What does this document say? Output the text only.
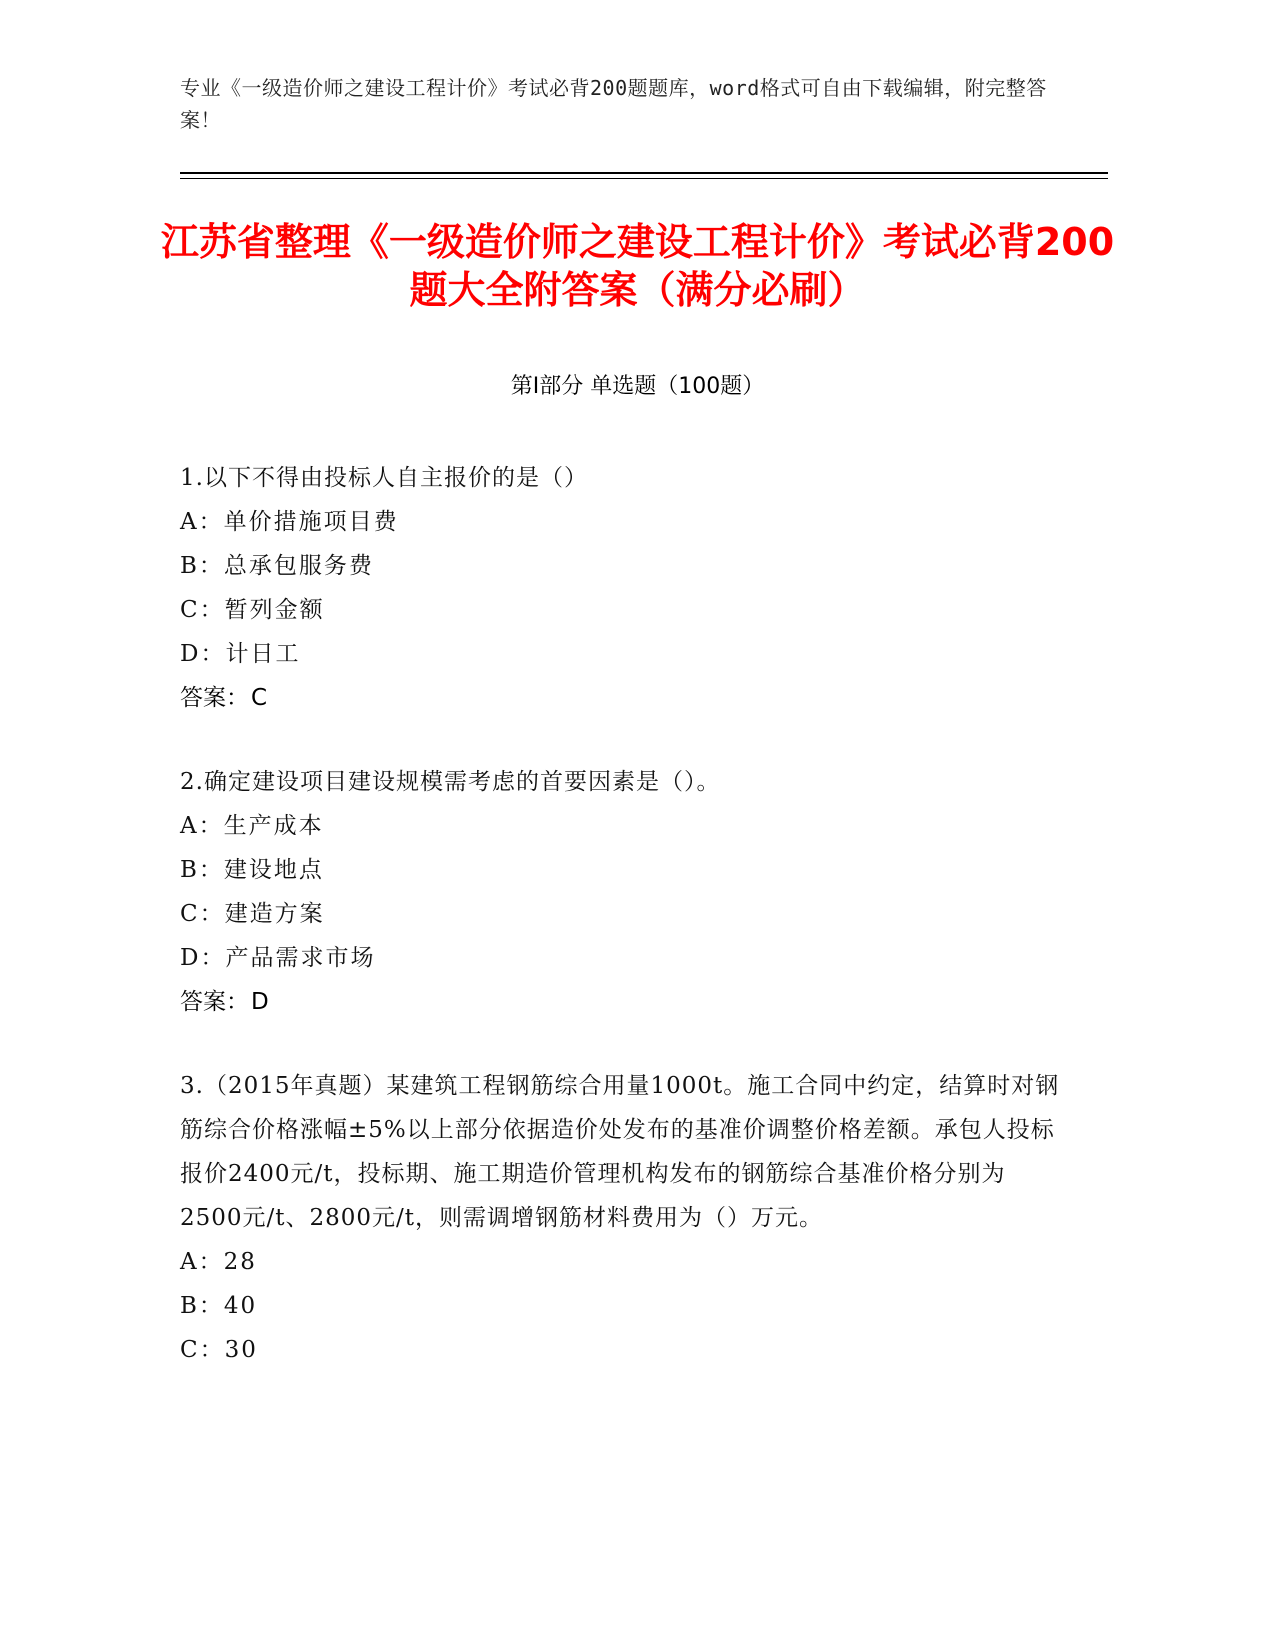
专业《一级造价师之建设工程计价》考试必背200题题库，word格式可自由下载编辑，附完整答案！
江苏省整理《一级造价师之建设工程计价》考试必背200题大全附答案（满分必刷）
第I部分 单选题（100题）
1.以下不得由投标人自主报价的是（）
A：单价措施项目费
B：总承包服务费
C：暂列金额
D：计日工
答案：C
2.确定建设项目建设规模需考虑的首要因素是（）。
A：生产成本
B：建设地点
C：建造方案
D：产品需求市场
答案：D
3.（2015年真题）某建筑工程钢筋综合用量1000t。施工合同中约定，结算时对钢筋综合价格涨幅±5%以上部分依据造价处发布的基准价调整价格差额。承包人投标报价2400元/t，投标期、施工期造价管理机构发布的钢筋综合基准价格分别为2500元/t、2800元/t，则需调增钢筋材料费用为（）万元。
A：28
B：40
C：30
